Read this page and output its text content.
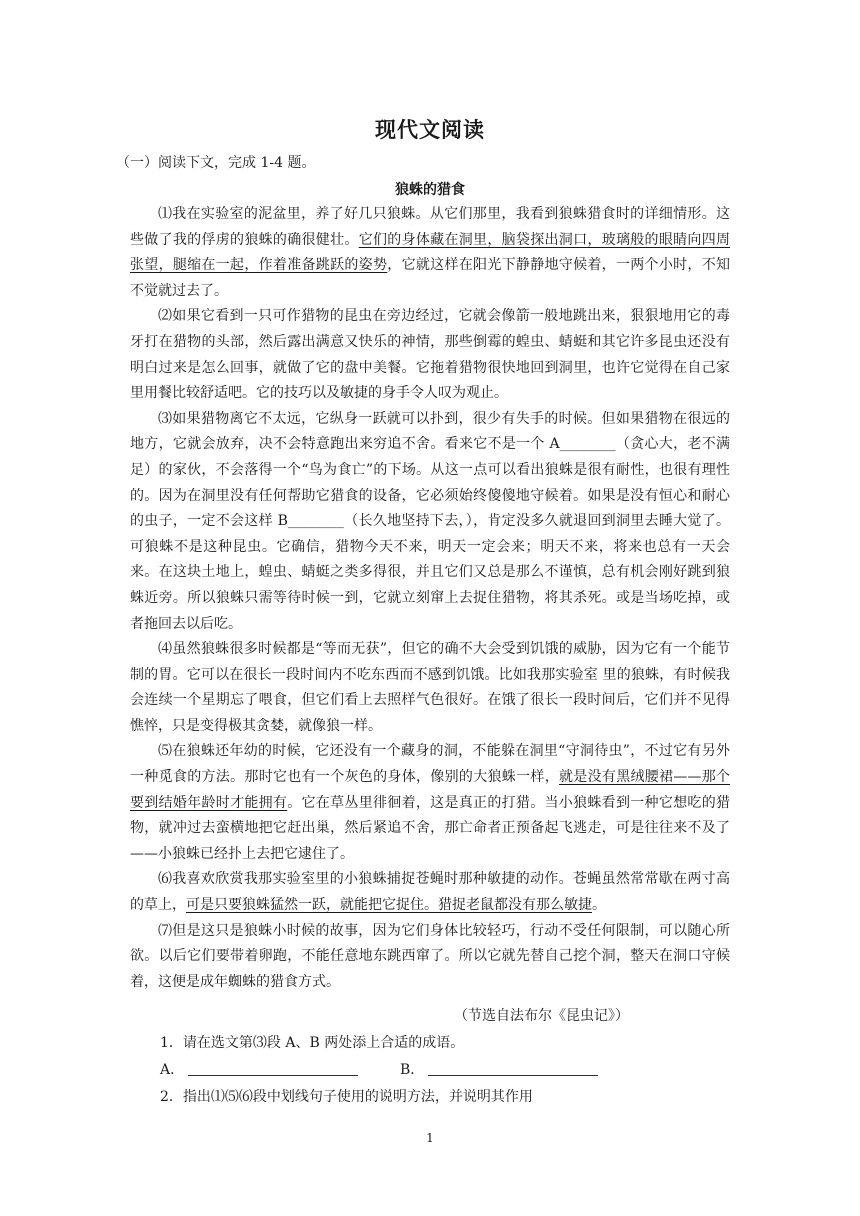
现代文阅读
（一）阅读下文，完成 1-4 题。
狼蛛的猎食

⑴我在实验室的泥盆里，养了好几只狼蛛。从它们那里，我看到狼蛛猎食时的详细情形。这些做了我的俘虏的狼蛛的确很健壮。它们的身体藏在洞里，脑袋探出洞口，玻璃般的眼睛向四周张望，腿缩在一起，作着准备跳跃的姿势，它就这样在阳光下静静地守候着，一两个小时，不知不觉就过去了。

⑵如果它看到一只可作猎物的昆虫在旁边经过，它就会像箭一般地跳出来，狠狠地用它的毒牙打在猎物的头部，然后露出满意又快乐的神情，那些倒霉的蝗虫、蜻蜓和其它许多昆虫还没有明白过来是怎么回事，就做了它的盘中美餐。它拖着猎物很快地回到洞里，也许它觉得在自己家里用餐比较舒适吧。它的技巧以及敏捷的身手令人叹为观止。

⑶如果猎物离它不太远，它纵身一跃就可以扑到，很少有失手的时候。但如果猎物在很远的地方，它就会放弃，决不会特意跑出来穷追不舍。看来它不是一个 A________（贪心大，老不满足）的家伙，不会落得一个“鸟为食亡”的下场。从这一点可以看出狼蛛是很有耐性，也很有理性的。因为在洞里没有任何帮助它猎食的设备，它必须始终傻傻地守候着。如果是没有恒心和耐心的虫子，一定不会这样 B________（长久地坚持下去，），肯定没多久就退回到洞里去睡大觉了。可狼蛛不是这种昆虫。它确信，猎物今天不来，明天一定会来；明天不来，将来也总有一天会来。在这块土地上，蝗虫、蜻蜓之类多得很，并且它们又总是那么不谨慎，总有机会刚好跳到狼蛛近旁。所以狼蛛只需等待时候一到，它就立刻窜上去捉住猎物，将其杀死。或是当场吃掉，或者拖回去以后吃。

⑷虽然狼蛛很多时候都是“等而无获”，但它的确不大会受到饥饿的威胁，因为它有一个能节制的胃。它可以在很长一段时间内不吃东西而不感到饥饿。比如我那实验室 里的狼蛛，有时候我会连续一个星期忘了喂食，但它们看上去照样气色很好。在饿了很长一段时间后，它们并不见得憔悴，只是变得极其贪婪，就像狼一样。

⑸在狼蛛还年幼的时候，它还没有一个藏身的洞，不能躲在洞里“守洞待虫”，不过它有另外一种觅食的方法。那时它也有一个灰色的身体，像别的大狼蛛一样，就是没有黑绒腰裙——那个要到结婚年龄时才能拥有。它在草丛里徘徊着，这是真正的打猎。当小狼蛛看到一种它想吃的猎物，就冲过去蛮横地把它赶出巢，然后紧追不舍，那亡命者正预备起飞逃走，可是往往来不及了——小狼蛛已经扑上去把它逮住了。

⑹我喜欢欣赏我那实验室里的小狼蛛捕捉苍蝇时那种敏捷的动作。苍蝇虽然常常歇在两寸高的草上，可是只要狼蛛猛然一跃，就能把它捉住。猎捉老鼠都没有那么敏捷。

⑺但是这只是狼蛛小时候的故事，因为它们身体比较轻巧，行动不受任何限制，可以随心所欲。以后它们要带着卵跑，不能任意地东跳西窜了。所以它就先替自己挖个洞，整天在洞口守候着，这便是成年蜘蛛的猎食方式。

（节选自法布尔《昆虫记》）
1．请在选文第⑶段 A、B 两处添上合适的成语。
A．	B．
2．指出⑴⑸⑹段中划线句子使用的说明方法，并说明其作用
1
